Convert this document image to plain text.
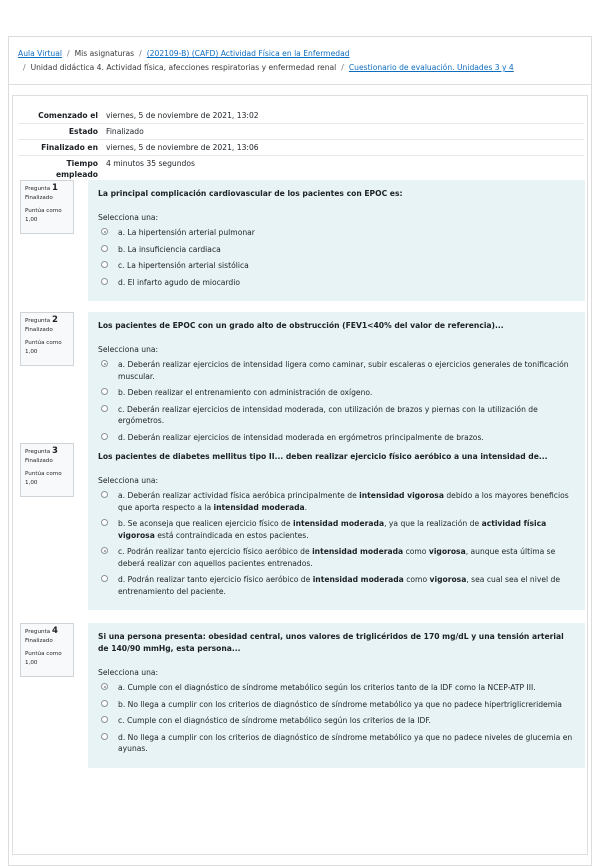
Aula Virtual / Mis asignaturas / (202109-B) (CAFD) Actividad Física en la Enfermedad
/ Unidad didáctica 4. Actividad física, afecciones respiratorias y enfermedad renal / Cuestionario de evaluación. Unidades 3 y 4
Comenzado el	viernes, 5 de noviembre de 2021, 13:02
Estado	Finalizado
Finalizado en	viernes, 5 de noviembre de 2021, 13:06
Tiempo
empleado	4 minutos 35 segundos
Pregunta 1
Finalizado
Puntúa como
1,00
La principal complicación cardiovascular de los pacientes con EPOC es:
Selecciona una:
a. La hipertensión arterial pulmonar
b. La insuficiencia cardiaca
c. La hipertensión arterial sistólica
d. El infarto agudo de miocardio
Pregunta 2
Finalizado
Puntúa como
1,00
Los pacientes de EPOC con un grado alto de obstrucción (FEV1<40% del valor de referencia)...
Selecciona una:
a. Deberán realizar ejercicios de intensidad ligera como caminar, subir escaleras o ejercicios generales de tonificación muscular.
b. Deben realizar el entrenamiento con administración de oxígeno.
c. Deberán realizar ejercicios de intensidad moderada, con utilización de brazos y piernas con la utilización de ergómetros.
d. Deberán realizar ejercicios de intensidad moderada en ergómetros principalmente de brazos.
Pregunta 3
Finalizado
Puntúa como
1,00
Los pacientes de diabetes mellitus tipo II... deben realizar ejercicio físico aeróbico a una intensidad de...
Selecciona una:
a. Deberán realizar actividad física aeróbica principalmente de intensidad vigorosa debido a los mayores beneficios que aporta respecto a la intensidad moderada.
b. Se aconseja que realicen ejercicio físico de intensidad moderada, ya que la realización de actividad física vigorosa está contraindicada en estos pacientes.
c. Podrán realizar tanto ejercicio físico aeróbico de intensidad moderada como vigorosa, aunque esta última se deberá realizar con aquellos pacientes entrenados.
d. Podrán realizar tanto ejercicio físico aeróbico de intensidad moderada como vigorosa, sea cual sea el nivel de entrenamiento del paciente.
Pregunta 4
Finalizado
Puntúa como
1,00
Si una persona presenta: obesidad central, unos valores de triglicéridos de 170 mg/dL y una tensión arterial de 140/90 mmHg, esta persona...
Selecciona una:
a. Cumple con el diagnóstico de síndrome metabólico según los criterios tanto de la IDF como la NCEP-ATP III.
b. No llega a cumplir con los criterios de diagnóstico de síndrome metabólico ya que no padece hipertriglicreridemia
c. Cumple con el diagnóstico de síndrome metabólico según los criterios de la IDF.
d. No llega a cumplir con los criterios de diagnóstico de síndrome metabólico ya que no padece niveles de glucemia en ayunas.
